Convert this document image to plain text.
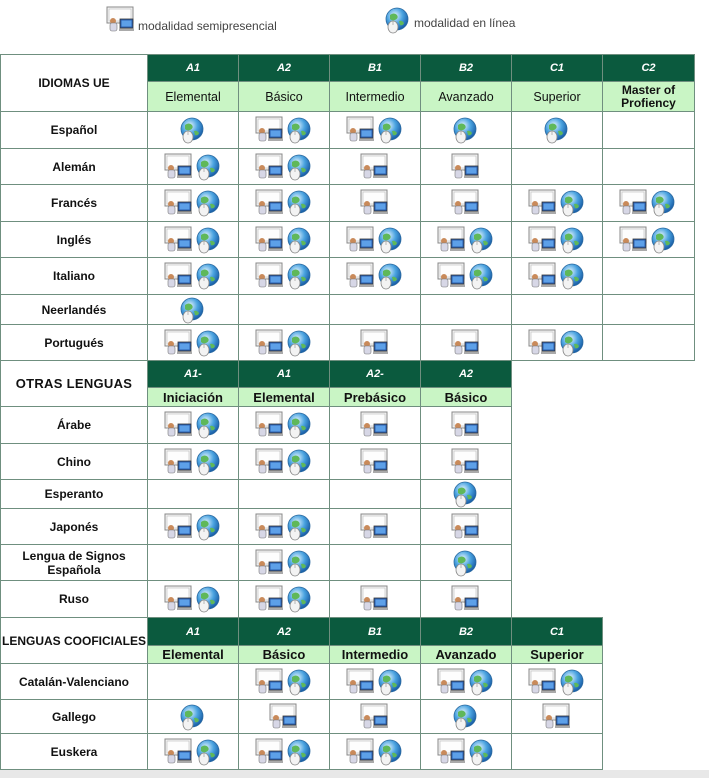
modalidad semipresencial	modalidad en línea
IDIOMAS UE	A1	A2	B1	B2	C1	C2
	Elemental	Básico	Intermedio	Avanzado	Superior	Master of Profiency
Español	

Alemán	

Francés	

Inglés	

Italiano	

Neerlandés	

Portugués	

OTRAS LENGUAS	A1-	A1	A2-	A2		
	Iniciación	Elemental	Prebásico	Básico		
Árabe	

Chino	

Esperanto	

Japonés	

Lengua de Signos Española	

Ruso	

LENGUAS COOFICIALES	A1	A2	B1	B2	C1	
	Elemental	Básico	Intermedio	Avanzado	Superior	
Catalán-Valenciano	

Gallego	

Euskera	
